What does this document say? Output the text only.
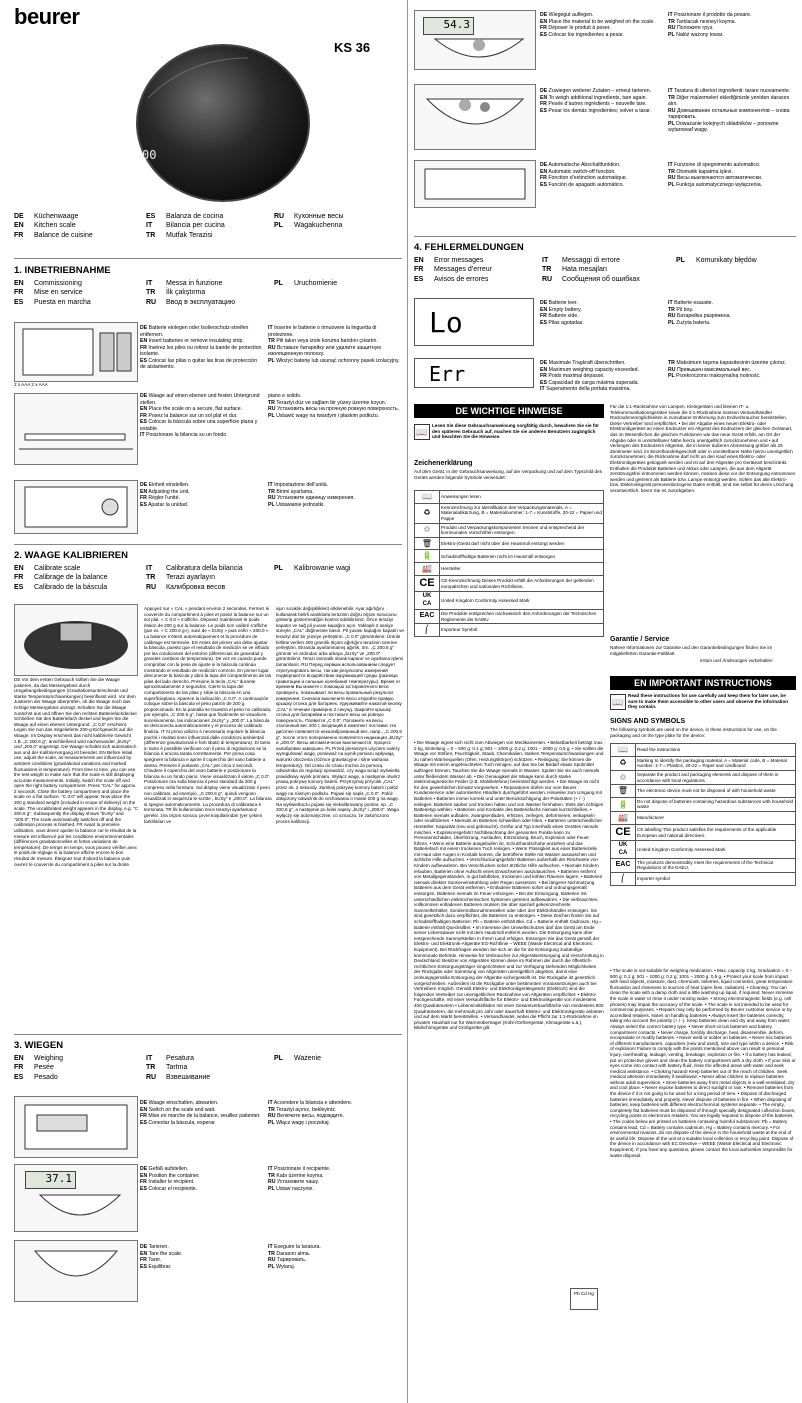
beurer
KS 36
00
DE Küchenwaage	ES Balanza de cocina	RU Кухонные весы
EN Kitchen scale	IT Bilancia per cucina	PL Wagakuchenna
FR Balance de cuisine	TR Mutfak Terazisi
1. INBETRIEBNAHME
EN Commissioning	IT Messa in funzione	PL Uruchomienie
FR Mise en service	TR İlk çalıştırma
ES Puesta en marcha	RU Ввод в эксплуатацию
2 x AAA 2 x AAA
DE Batterie einlegen oder Isolierschutz-streifen entfernen.
EN Insert batteries or remove insulating strip.
FR Insérez les piles ou retirez la bande de protection isolante.
ES Colocar las pilas o quitar las tiras de protección de aislamiento.
IT Inserire le batterie o rimuovere la linguetta di protezione.
TR Pili takın veya izole koruma bandını çıkartın.
RU Вставьте батарейку или удалите защитную изоляционную полоску.
PL Włożyć baterię lub usunąć ochronny pasek izolacyjny.
DE Waage auf einen ebenen und festen Untergrund stellen.
EN Place the scale on a secure, flat surface.
FR Posez la balance sur un sol plat et dur.
ES Colocar la báscula sobre una superficie plana y estable.
IT Posizionare la bilancia su un fondo
piano e solido.
TR Teraziyi düz ve sağlam bir yüzey üzerine koyun.
RU Установить весы на прочную ровную поверхность.
PL Ustawić wagę na twardym i płaskim podłożu.
DE Einheit einstellen.
EN Adjusting the unit.
FR Régler l'unité.
ES Ajustar la unidad.
IT Impostazione dell'unità.
TR Birimi ayarlama.
RU Установите единицу измерения.
PL Ustawianie jednostki.
2. WAAGE KALIBRIEREN
EN Calibrate scale	IT Calibratura della bilancia	PL Kalibrowanie wagi
FR Calibrage de la balance	TR Terazi ayarlayın
ES Calibrado de la báscula	RU Калибровка весов
DE Vor dem ersten Gebrauch sollten Sie die Waage justieren, da das Messergebnis durch Umgebungsbedingungen (Gravitationsunterschiede und starke Temperaturschwankungen) beeinflusst wird. Vor dem Justieren der Waage überprüfen, ob die Waage noch das richtige Messergebnis anzeigt. Schalten Sie die Waage zunächst aus und öffnen Sie den rechten Batteriefachdeckel. Schließen Sie den Batteriefach deckel und legen Sie die Waage auf einen ebenen Untergrund. „C 0,0“ erscheint. Legen Sie nun das mitgelieferte 200-g-Eichgewicht auf die Waage. Im Display erscheint das nicht kalibrierte Gewicht z.B. „C 200.6 g“, anschließend wird nacheinander „bUSy“ und „200.0“ angezeigt. Die Waage schaltet sich automatisch aus und der Kalibriervorgang ist beendet. EN Before initial use, adjust the scale, as measurements are influenced by ambient conditions (gravitational variations and marked fluctuations in temperature). From time to time, you can use the test weight to make sure that the scale is still displaying accurate measurements. Initially, switch the scale off and open the right battery compartment. Press "CAL" for approx. 2 seconds. Close the battery compartment and place the scale on a flat surface. "C 0.0" will appear. Now place the 200 g standard weight (included in scope of delivery) on the scale. The uncalibrated weight appears in the display, e.g. "C 200.6 g". Subsequently the display shows "bUSy" and "200.0". The scale automatically switches off and the calibration process is finished. FR Avant la première utilisation, vous devez ajuster la balance car le résultat de la mesure est influencé par les conditions environnementales (différences gravitationnelles et fortes variations de température). De temps en temps, vous pouvez vérifier avec le poids de réglage si la balance affiche encore le bon résultat de mesure. Éteignez tout d’abord la balance puis ouvrez le couvercle du compartiment à piles sur la droite.
Appuyez sur « CAL » pendant environ 2 secondes. Fermez le couvercle du compartiment à piles et posez la balance sur un sol plat. « C 0.0 » s’affiche. Déposez maintenant le poids étalon de 200 g sur la balance. Le poids non calibré s’affiche (par ex. « C 200.6 g»), suivi de « bUSy » puis enfin « 200.0 ». La balance s’éteint automatiquement et la procédure de calibrage est terminée. ES Antes del primer uso debe ajustar la báscula, puesto que el resultado de medición se ve influido por las condiciones del entorno (diferencias de gravedad y grandes cambios de temperatura). De vez en cuando puede comprobar con la pesa de ajuste si la báscula continúa mostrando el resultado de medición correcto. En primer lugar, desconecte la báscula y abra la tapa del compartimento de las pilas del lado derecho. Presione la tecla „CAL“ durante aproximadamente 2 segundos. Cierre la tapa del compartimento de las pilas y sitúe la báscula en una superficieplana. Aparece la indicación „C 0.0“. A continuación coloque sobre la báscula el peso patrón de 200 g proporcionado. En la pantalla se muestra el peso no calibrado, por ejemplo, „C 200.6 g“, hasta que finalmente se visualicen, sucesivamente, las indicaciones „bUSy“ y „200.0“. La báscula se desconecta automáticamente y el proceso de calibrado finaliza. IT Al primo utilizzo è necessario regolare la bilancia poiché i risultati sono influenzati dalle condizioni ambientali (differenze gravitazionali e forti sbalzi di temperatura). Di tanto in tanto è possibile verificare con il peso di regolazione se la bilancia è ancora tarata correttamente. Per prima cosa spegnere la bilancia e aprire il coperchio del vano batterie a destra. Premere il pulsante „CAL“ per circa 2 secondi. Chiudere il coperchio del vano batterie e posizionare la bilancia su un fondo piano. Viene visualizzato il valore „C 0.0“. Posizionare ora sulla bilancia il peso standard da 200 g compreso nella fornitura. Sul display viene visualizzato il peso non calibrato, ad esempio, „C 200.6 g“, quindi vengono visualizzati in sequenza le scritte „ bUSy“ e „200.0“. La bilancia si spegne automaticamente. La procedura di calibratura è terminata. TR İlk kullanımdan önce teraziyi ayarlamanız gerekir, zira ölçüm sonucu çevre koşullarından (yer çekimi farklılıkları ve
aşırı sıcaklık değişiklikleri) etkilenebilir. Ayar ağırlığını kullanarak belirli aralıklarla terazinin doğru ölçüm sonucunu gösterip göstermediğini kontrol edebilirsiniz. Önce teraziyi kapatın ve sağ pil yuvası kapağını açın. Yaklaşık 2 saniye süreyle „CAL“ düğmesine basın. Pil yuvası kapağını kapatın ve teraziyi düz bir yüzeye yerleştirin. „C 0.0“ görüntülenir. Ürünle birlikte verilen 200 gramlık ölçüm ağırlığını terazinin üzerine yerleştirin. Ekranda ayarlanmamış ağırlık, örn. „C 200.6 g“ görünür ve ardından arka arkaya „bUSy“ ve „200.0“ görüntülenir. Terazi otomatik olarak kapanır ve ayarlama işlemi tamamlanır. RU Перед первым использованием следует отрегулировать весы, так как результаты измерений подвергаются воздействию окружающей среды (разница гравитации и сильные колебания температуры). Время от времени Вы можете с помощью юстировочного веса проверить, показывают ли весы правильный результат измерения. Сначала выключите весы откройте правую крышку отсека для батареек. Удерживайте нажатой кнопку „CAL“ в течение примерно 2 секунд. Закройте крышку отсека для батарейки и поставьте весы на ровную поверхность. Появится „C 0.0“. Положите на весы эталонный вес 200 г, входящий в комплект поставки. На дисплее появляется некалиброванный вес, напр., „C 200.6 g“, после этого попеременно появляется индикация „bUSy“ и „200.0“. Весы автоматически выключаются, процесс калибровки завершен. PL Przed pierwszym użyciem należy wyregulować wagę, ponieważ na wynik pomiaru wpływają warunki otoczenia (różnice grawitacyjne i silne wahania temperatury). Od czasu do czasu można za pomocą odważnika do regulacji sprawdzić, czy waga wciąż wyświetla prawidłowy wynik pomiaru. Wyłącz wagę, a następnie otwórz prawą pokrywę komory baterii. Przytrzymaj przycisk „CAL“ przez ok. 2 sekundy. Zamknij pokrywę komory baterii i połóż wagę na równym podłożu. Pojawi się napis „C 0.0“. Połóż dołączony odważnik do cechowania o masie 200 g na wagę. Na wyświetlaczu pojawi się niekalibrowany pomiar, np. „C 200.6 g“, a następnie po kolei napisy „bUSy“ i „200.0“. Waga wyłączy się automatycznie, co oznacza, że zakończono proces kalibracji.
3. WIEGEN
EN Weighing	IT Pesatura	PL Ważenie
FR Pesée	TR Tartma
ES Pesado	RU Взвешивание
DE Waage einschalten, abwarten.
EN Switch on the scale and wait.
FR Mise en marche de la balance, veuillez patienter.
ES Conectar la báscula, esperar.
IT Accendere la bilancia e attendere.
TR Teraziyi açınız, bekleyiniz.
RU Включите весы, подождите.
PL Włącz wagę i poczekaj.
37.1
DE Gefäß aufstellen.
EN Position the container.
FR Installer le récipient.
ES Colocar el recipiente.
IT Posizionare il recipiente.
TR Kabı üzerine koyma.
RU Установите чашу.
PL Ustaw naczynie.
DE Tarieren.
EN Tare the scale.
FR Tarer.
ES Equilibrar.
IT Eseguire la taratura.
TR Darasını alma.
RU Тарировать.
PL Wytaruj.
54.3
DE Wiegegut auflegen.
EN Place the material to be weighed on the scale.
FR Déposer le produit à peser.
ES Colocar los ingredientes a pesar.
IT Posizionare il prodotto da pesare.
TR Tartılacak nesneyi koyma.
RU Положите груз.
PL Nałóż ważony towar.
DE Zuwiegen weiterer Zutaten – erneut tarieren.
EN To weigh additional ingredients, tare again.
FR Pesée d’autres ingrédients – nouvelle tare.
ES Pesar los demás ingredientes; volver a tarar.
IT Taratura di ulteriori ingredienti: tarare nuovamente.
TR Diğer malzemeleri eklediğinizde yeniden darasını alın.
RU Довешивание остальных компонентов – снова тарировать.
PL Doważanie kolejnych składników – ponowne wytarowaď wagę.
DE Automatische Abschaltfunktion.
EN Automatic switch-off function.
FR Fonction d’extinction automatique.
ES Función de apagado automático.
IT Funzione di spegnimento automatico.
TR Otomatik kapatma işlevi.
RU Весы выключаются автоматически.
PL Funkcja automatycznego wyłączenia.
4. FEHLERMELDUNGEN
EN Error messages	IT Messaggi di errore	PL Komunikaty błędów
FR Messages d’erreur	TR Hata mesajları
ES Avisos de errores	RU Сообщения об ошибках
Lo
DE Batterie leer.
EN Empty battery.
FR Batterie vide.
ES Pilas agotadas.
IT Batterie esauste.
TR Pil boş.
RU Батарейка разряжена.
PL Zużyta bateria.
Err	DE Maximale Tragkraft überschritten.
EN Maximum weighing capacity exceeded.
FR Poids maximal dépassé.
ES Capacidad de carga máxima superada.
IT Superamento della portata massima.
TR Maksimum taşıma kapasitesinin üzerine çıkınız.
RU Превышен максимальный вес.
PL Przekroczono maksymalną nośność.
DE WICHTIGE HINWEISE
📖
Lesen Sie diese Gebrauchsanweisung sorgfältig durch, bewahren Sie sie für den späteren Gebrauch auf, machen Sie sie anderen Benutzern zugänglich und beachten Sie die Hinweise.
Zeichenerklärung
Auf dem Gerät, in der Gebrauchsanweisung, auf der Verpackung und auf dem Typschild des Geräts werden folgende Symbole verwendet:
📖	Anweisungen lesen
♻	Kennzeichnung zur Identifikation des Verpackungsmaterials. A = Materialabkürzung, B = Materialnummer: 1-7 = Kunststoffe, 20-22 = Papier und Pappe
♲	Produkt und Verpackungskomponenten trennen und entsprechend der kommunalen Vorschriften entsorgen.
🗑	Elektro-)Gerät darf nicht über den Hausmüll entsorgt werden
🔋	Schadstoffhaltige Batterien nicht im Hausmüll entsorgen
🏭	Hersteller
CE	CE-Kennzeichnung Dieses Produkt erfüllt die Anforderungen der geltenden europäischen und nationalen Richtlinien.
UK
CA	United Kingdom Conformity Assessed Mark
EAC	Die Produkte entsprechen nachweislich den Anforderungen der Technischen Reglemente der EAWU
⎛	Importeur Symbol
• Die Waage eignet sich nicht zum Abwiegen von Medikamenten. • Belastbarkeit beträgt max. 2 kg, Einteilung = 0 – 500 g: 0,1 g; 501 – 1000 g: 0,2 g; 1001 – 2000 g: 0,5 g. • Sie sollten die Waage vor Stößen, Feuchtigkeit, Staub, Chemikalien, starken Temperaturschwankungen und zu nahen Wärmequellen (Ofen, Heizungskörper) schützen. • Reinigung: Sie können die Waage mit einem angefeuchteten Tuch reinigen, auf das Sie bei Bedarf etwas Spülmittel auftragen können. Tauchen Sie die Waage niemals in Wasser. Spülen Sie sie auch niemals unter fließendem Wasser ab. • Die Genauigkeit der Waage kann durch starke elektromagnetische Felder (z.B. Mobiltelefone) beeinträchtigt werden. • Die Waage ist nicht für den gewerblichen Einsatz vorgesehen. • Reparaturen dürfen nur vom Beurer Kundenservice oder autorisierten Händlern durchgeführt werden. Hinweise zum Umgang mit Batterien • Batterien immer korrekt und unter Berücksichtigung der Polaritäten (+ / -) einlegen. Batterien sauber und trocken halten und von Wasser fernhalten. Stets den richtigen Batterietyp wählen. • Batterien und Kontakte des Batteriefachs niemals kurzschließen. • Batterien niemals aufladen, zwangsentladen, erhitzen, zerlegen, deformieren, einkapseln oder modifizieren. • Niemals an Batterien schweißen oder löten. • Batterien unterschiedlicher Hersteller, Kapazität (neu und gebraucht), Größe und Typ innerhalb eines Gerätes niemals mischen. • Explosionsgefahr! Nichtbeachtung der genannten Punkte kann zu Personenschäden, Überhitzung, Auslaufen, Entzündung, Bruch, Explosion oder Feuer führen. • Wenn eine Batterie ausgelaufen ist, Schutzhandschuhe anziehen und das Batteriefach mit einem trockenen Tuch reinigen. • Wenn Flüssigkeit aus einer Batteriezelle mit Haut oder Augen in Kontakt kommt, die betroffene Stelle mit Wasser auswaschen und ärztliche Hilfe aufsuchen. • Verschluckungsgefahr! Batterien außerhalb der Reichweite von Kindern aufbewahren. Bei Verschlucken sofort ärztliche Hilfe aufsuchen. • Niemals Kindern erlauben, Batterien ohne Aufsicht eines Erwachsenen auszutauschen. • Batterien entfernt von Metallgegenständen, in gut belüfteten, trockenen und kühlen Räumen lagern. • Batterien niemals direkter Sonneneinstrahlung oder Regen aussetzen. • Bei längerer Nichtnutzung Batterien aus dem Gerät entfernen. • Entladene Batterien sofort und ordnungsgemäß entsorgen. Batterien niemals im Feuer entsorgen. • Bei der Entsorgung, Batterien mit unterschiedlichen elektrochemischen Systemen getrennt aufbewahren. • Die verbrauchten, vollkommen entladenen Batterien müssen Sie über speziell gekennzeichnete Sammelbehälter, Sondermüllannahmestellen oder über den Elektrohändler entsorgen. Sie sind gesetzlich dazu verpflichtet, die Batterien zu entsorgen. • Diese Zeichen finden Sie auf schadstoffhaltigen Batterien: Pb = Batterie enthält Blei, Cd = Batterie enthält Cadmium, Hg = Batterie enthält Quecksilber. • Im Interesse des Umweltschutzes darf das Gerät am Ende seiner Lebensdauer nicht mit dem Hausmüll entfernt werden. Die Entsorgung kann über entsprechende Sammelstellen in Ihrem Land erfolgen. Entsorgen Sie das Gerät gemäß der Elektro- und Elektronik-Altgeräte EG-Richtlinie – WEEE (Waste Electrical and Electronic Equipment). Bei Rückfragen wenden Sie sich an die für die Entsorgung zuständige kommunale Behörde. Hinweise für Verbraucher zur Altgerätsentsorgung und Verschrottung in Deutschland: Besitzer von Altgeräten können diese im Rahmen der durch die öffentlich-rechtlichen Entsorgungsträger eingerichteten und zur Verfügung stehenden Möglichkeiten der Rückgabe oder Sammlung von Altgeräten unentgeltlich abgeben, damit eine ordnungsgemäße Entsorgung der Altgeräte sichergestellt ist. Die Rückgabe ist gesetzlich vorgeschrieben. Außerdem ist die Rückgabe unter bestimmten Voraussetzungen auch bei Vertreibern möglich. Gemäß Elektro- und Elektronikgerätegesetz (ElektroG) sind die folgenden Vertreiber zur unentgeltlichen Rücknahme von Altgeräten verpflichtet: • Elektro-Fachgeschäfte, mit einer Verkaufsfläche für Elektro- und Elektronikgeräte von mindestens 400 Quadratmetern • Lebensmittelläden mit einer Gesamtverkaufsfläche von mindestens 800 Quadratmetern, die mehrmals pro Jahr oder dauerhaft Elektro- und Elektronikgeräte anbieten und auf dem Markt bereitstellen. • Versandhandel, wobei die Pflicht zur 1:1-Rücknahme im privaten Haushalt nur für Wärmeübertrager (Kühl-/Gefriergeräte, Klimageräte u.ä.), Bildschirmgeräte und Großgeräte gilt.
Für die 1:1-Rücknahme von Lampen, Kleingeräten und kleinen IT- u. Telekommunikationsgeräten sowie die 0:1-Rücknahme müssen Versandhändler Rücknahmemöglichkeiten in zumutbarer Entfernung zum Endverbraucher bereitstellen. Diese Vertreiber sind verpflichtet, • bei der Abgabe eines neuen Elektro- oder Elektronikgerätes an einen Endnutzer ein Altgerät des Endnutzers der gleichen Geräteart, das im Wesentlichen die gleichen Funktionen wie das neue Gerät erfüllt, am Ort der Abgabe oder in unmittelbarer Nähe hierzu unentgeltlich zurückzunehmen und • auf Verlangen des Endnutzers Altgeräte, die in keiner äußeren Abmessung größer als 25 Zentimeter sind, im Einzelhandelsgeschäft oder in unmittelbarer Nähe hierzu unentgeltlich zurückzunehmen; die Rücknahme darf nicht an den Kauf eines Elektro- oder Elektronikgerätes gekoppelt werden und ist auf drei Altgeräte pro Geräteart beschränkt. Enthalten die Produkte Batterien und Akkus oder Lampen, die aus dem Altgerät zerstörungsfrei entnommen werden können, müssen diese vor der Entsorgung entnommen werden und getrennt als Batterie bzw. Lampe entsorgt werden. Sofern das alte Elektro- bzw. Elektronikgerät personenbezogene Daten enthält, sind Sie selbst für deren Löschung verantwortlich, bevor Sie es zurückgeben.
Garantie / Service
Nähere Informationen zur Garantie und den Garantiebedingungen finden Sie im mitgelieferten Garantie-Faltblatt.
Irrtum und Änderungen vorbehalten
EN IMPORTANT INSTRUCTIONS
📖
Read these instructions for use carefully and keep them for later use, be sure to make them accessible to other users and observe the information they contain.
SIGNS AND SYMBOLS
The following symbols are used on the device, in these instructions for use, on the packaging and on the type plate for the device:
📖	Read the instructions
♻	Marking to identify the packaging material. A = Material code, B = Material number: 1-7 = Plastics, 20-22 = Paper and cardboard
♲	Separate the product and packaging elements and dispose of them in accordance with local regulations.
🗑	The electronic device must not be disposed of with household waste
🔋	Do not dispose of batteries containing hazardous substances with household waste
🏭	Manufacturer
CE	CE labelling This product satisfies the requirements of the applicable European and national directives.
UK
CA	United Kingdom Conformity Assessed Mark
EAC	The products demonstrably meet the requirements of the Technical Regulations of the EAEU.
⎛	Importer symbol
• The scale is not suitable for weighing medication. • Max. capacity 2 kg, Graduation = 0 – 500 g: 0.1 g; 501 – 1000 g: 0.2 g; 1001 – 2000 g: 0.5 g. • Protect your scale from impact with hard objects, moisture, dust, chemicals, toiletries, liquid cosmetics, great temperature fluctuation and closeness to sources of heat (open fires, radiators). • Cleaning: You can clean the scale with a damp cloth and a little washing up liquid, if required. Never immerse the scale in water or rinse it under running water. • Strong electromagnetic fields (e.g. cell phones) may impair the accuracy of the scale. • The scale is not intended to be used for commercial purposes. • Repairs may only be performed by Beurer customer service or by accredited retailers. Notes on handling batteries • Always insert the batteries correctly, taking into account the polarity (+ / -). Keep batteries clean and dry and away from water. Always select the correct battery type. • Never short-circuit batteries and battery compartment contacts. • Never charge, forcibly discharge, heat, disassemble, deform, encapsulate or modify batteries. • Never weld or solder on batteries. • Never mix batteries of different manufacturers, capacities (new and used), size and type within a device. • Risk of explosion! Failure to comply with the points mentioned above can result in personal injury, overheating, leakage, venting, breakage, explosion or fire. • If a battery has leaked, put on protective gloves and clean the battery compartment with a dry cloth. • If your skin or eyes come into contact with battery fluid, rinse the affected areas with water and seek medical assistance. • Choking hazard! Keep batteries out of the reach of children. Seek medical attention immediately if swallowed. • Never allow children to replace batteries without adult supervision. • Store batteries away from metal objects in a well-ventilated, dry and cool place. • Never expose batteries to direct sunlight or rain. • Remove batteries from the device if it is not going to be used for a long period of time. • Dispose of discharged batteries immediately and properly. Never dispose of batteries in fire. • When disposing of batteries, keep batteries with different electrochemical systems separate. • The empty, completely flat batteries must be disposed of through specially designated collection boxes, recycling points or electronics retailers. You are legally required to dispose of the batteries. • The codes below are printed on batteries containing harmful substances: Pb = Battery contains lead, Cd = Battery contains cadmium, Hg = Battery contains mercury. • For environmental reasons, do not dispose of the device in the household waste at the end of its useful life. Dispose of the unit at a suitable local collection or recycling point. Dispose of the device in accordance with EC Directive – WEEE (Waste Electrical and Electronic Equipment). If you have any questions, please contact the local authorities responsible for waste disposal.
Pb Cd Hg
